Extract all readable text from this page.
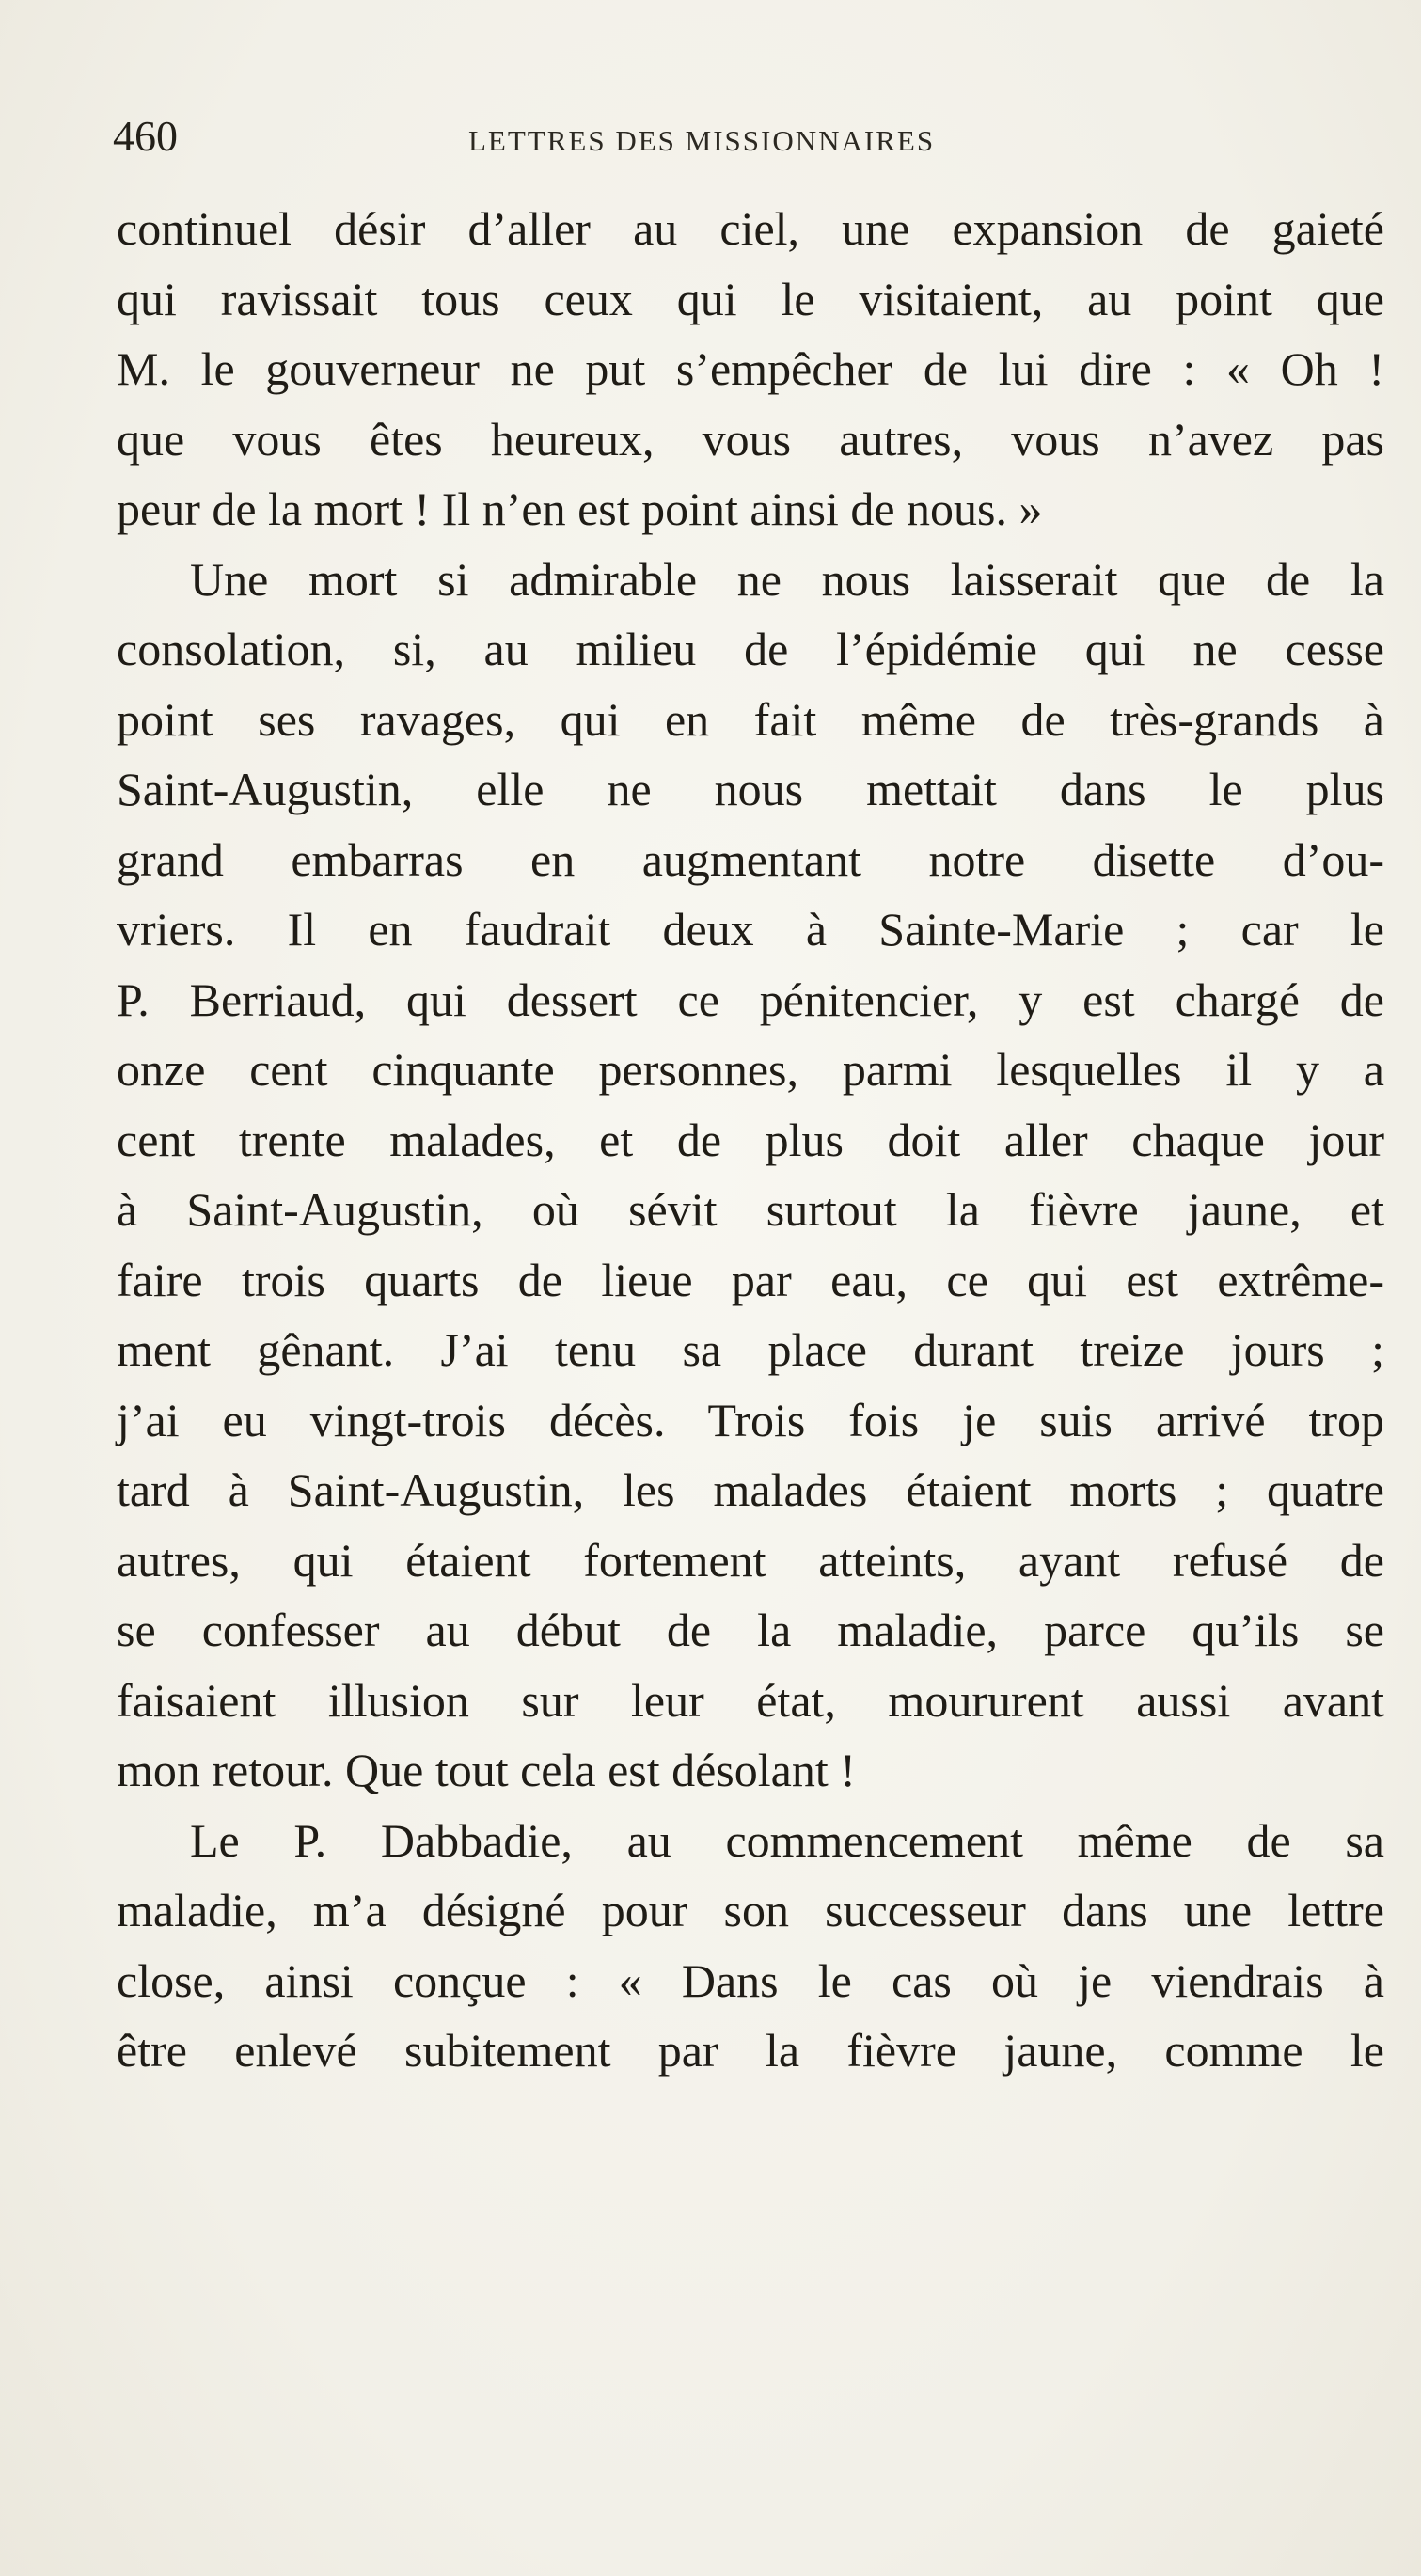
460	LETTRES DES MISSIONNAIRES
continuel désir d’aller au ciel, une expansion de gaieté
qui ravissait tous ceux qui le visitaient, au point que
M. le gouverneur ne put s’empêcher de lui dire : « Oh !
que vous êtes heureux, vous autres, vous n’avez pas
peur de la mort ! Il n’en est point ainsi de nous. »
Une mort si admirable ne nous laisserait que de la
consolation, si, au milieu de l’épidémie qui ne cesse
point ses ravages, qui en fait même de très-grands à
Saint-Augustin, elle ne nous mettait dans le plus
grand embarras en augmentant notre disette d’ou-
vriers. Il en faudrait deux à Sainte-Marie ; car le
P. Berriaud, qui dessert ce pénitencier, y est chargé de
onze cent cinquante personnes, parmi lesquelles il y a
cent trente malades, et de plus doit aller chaque jour
à Saint-Augustin, où sévit surtout la fièvre jaune, et
faire trois quarts de lieue par eau, ce qui est extrême-
ment gênant. J’ai tenu sa place durant treize jours ;
j’ai eu vingt-trois décès. Trois fois je suis arrivé trop
tard à Saint-Augustin, les malades étaient morts ; quatre
autres, qui étaient fortement atteints, ayant refusé de
se confesser au début de la maladie, parce qu’ils se
faisaient illusion sur leur état, moururent aussi avant
mon retour. Que tout cela est désolant !
Le P. Dabbadie, au commencement même de sa
maladie, m’a désigné pour son successeur dans une lettre
close, ainsi conçue : « Dans le cas où je viendrais à
être enlevé subitement par la fièvre jaune, comme le
